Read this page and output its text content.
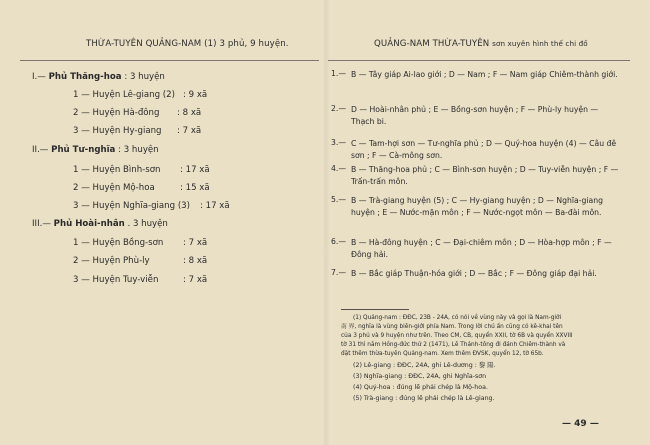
THỪA-TUYÊN QUẢNG-NAM (1) 3 phủ, 9 huyện.
I.— Phủ Thăng-hoa : 3 huyện
1 — Huyện Lê-giang (2) : 9 xã
2 — Huyện Hà-đông : 8 xã
3 — Huyện Hy-giang : 7 xã
II.— Phủ Tư-nghĩa : 3 huyện
1 — Huyện Bình-sơn : 17 xã
2 — Huyện Mộ-hoa	: 15 xã
3 — Huyện Nghĩa-giang (3) : 17 xã
III.— Phủ Hoài-nhân . 3 huyện
1 — Huyện Bồng-sơn : 7 xã
2 — Huyện Phù-ly	: 8 xã
3 — Huyện Tuy-viễn	: 7 xã
QUẢNG-NAM THỪA-TUYÊN sơn xuyên hình thế chi đồ
1.— B — Tây giáp Ai-lao giới ; D — Nam ; F — Nam giáp Chiêm-thành giới.
2.— D — Hoài-nhân phủ ; E — Bồng-sơn huyện ; F — Phù-ly huyện — Thạch bi.
3.— C — Tam-hợi sơn — Tư-nghĩa phủ ; D — Quý-hoa huyện (4) — Câu đê sơn ; F — Cà-mông sơn.
4.— B — Thăng-hoa phủ ; C — Bình-sơn huyện ; D — Tuy-viễn huyện ; F — Trấn-trấn môn.
5.— B — Trà-giang huyện (5) ; C — Hy-giang huyện ; D — Nghĩa-giang huyện ; E — Nước-mặn môn ; F — Nước-ngọt môn — Ba-đài môn.
6.— B — Hà-đông huyện ; C — Đại-chiêm môn ; D — Hòa-hợp môn ; F — Đông hải.
7.— B — Bắc giáp Thuận-hóa giới ; D — Bắc ; F — Đông giáp đại hải.
(1) Quảng-nam : ĐĐC, 23B - 24A, có nói về vùng này và gọi là Nam-giới
南 界, nghĩa là vùng biên-giới phía Nam. Trong lời chú ấn cũng có kê-khai tên
của 3 phủ và 9 huyện như trên. Theo CM, CB, quyển XXII, tờ 6B và quyển XXVIII
tờ 31 thì năm Hồng-đức thứ 2 (1471), Lê Thánh-tông đi đánh Chiêm-thành và
đặt thêm thừa-tuyên Quảng-nam. Xem thêm ĐVSK, quyển 12, tờ 65b.
(2) Lê-giang : ĐĐC, 24A, ghi Lê-dương : 黎 陽.
(3) Nghĩa-giang : ĐĐC, 24A, ghi Nghĩa-sơn
(4) Quý-hoa : đúng lẽ phải chép là Mộ-hoa.
(5) Trà-giang : đúng lẽ phải chép là Lê-giang.
— 49 —
